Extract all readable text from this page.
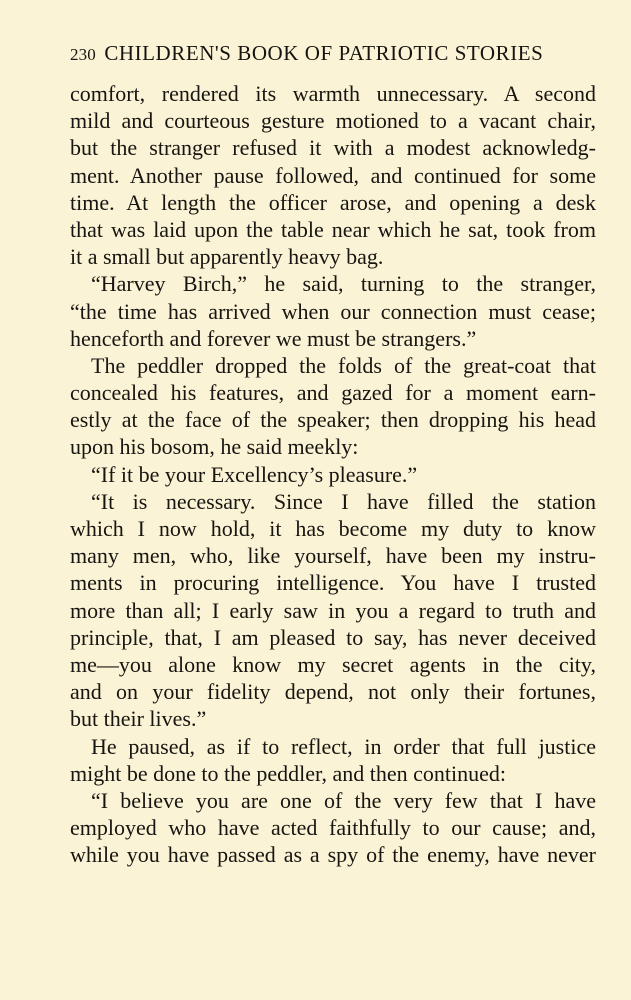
230 CHILDREN'S BOOK OF PATRIOTIC STORIES
comfort, rendered its warmth unnecessary. A second
mild and courteous gesture motioned to a vacant chair,
but the stranger refused it with a modest acknowledg-
ment. Another pause followed, and continued for some
time. At length the officer arose, and opening a desk
that was laid upon the table near which he sat, took from
it a small but apparently heavy bag.
“Harvey Birch,” he said, turning to the stranger,
“the time has arrived when our connection must cease;
henceforth and forever we must be strangers.”
The peddler dropped the folds of the great-coat that
concealed his features, and gazed for a moment earn-
estly at the face of the speaker; then dropping his head
upon his bosom, he said meekly:
“If it be your Excellency’s pleasure.”
“It is necessary. Since I have filled the station
which I now hold, it has become my duty to know
many men, who, like yourself, have been my instru-
ments in procuring intelligence. You have I trusted
more than all; I early saw in you a regard to truth and
principle, that, I am pleased to say, has never deceived
me—you alone know my secret agents in the city,
and on your fidelity depend, not only their fortunes,
but their lives.”
He paused, as if to reflect, in order that full justice
might be done to the peddler, and then continued:
“I believe you are one of the very few that I have
employed who have acted faithfully to our cause; and,
while you have passed as a spy of the enemy, have never
